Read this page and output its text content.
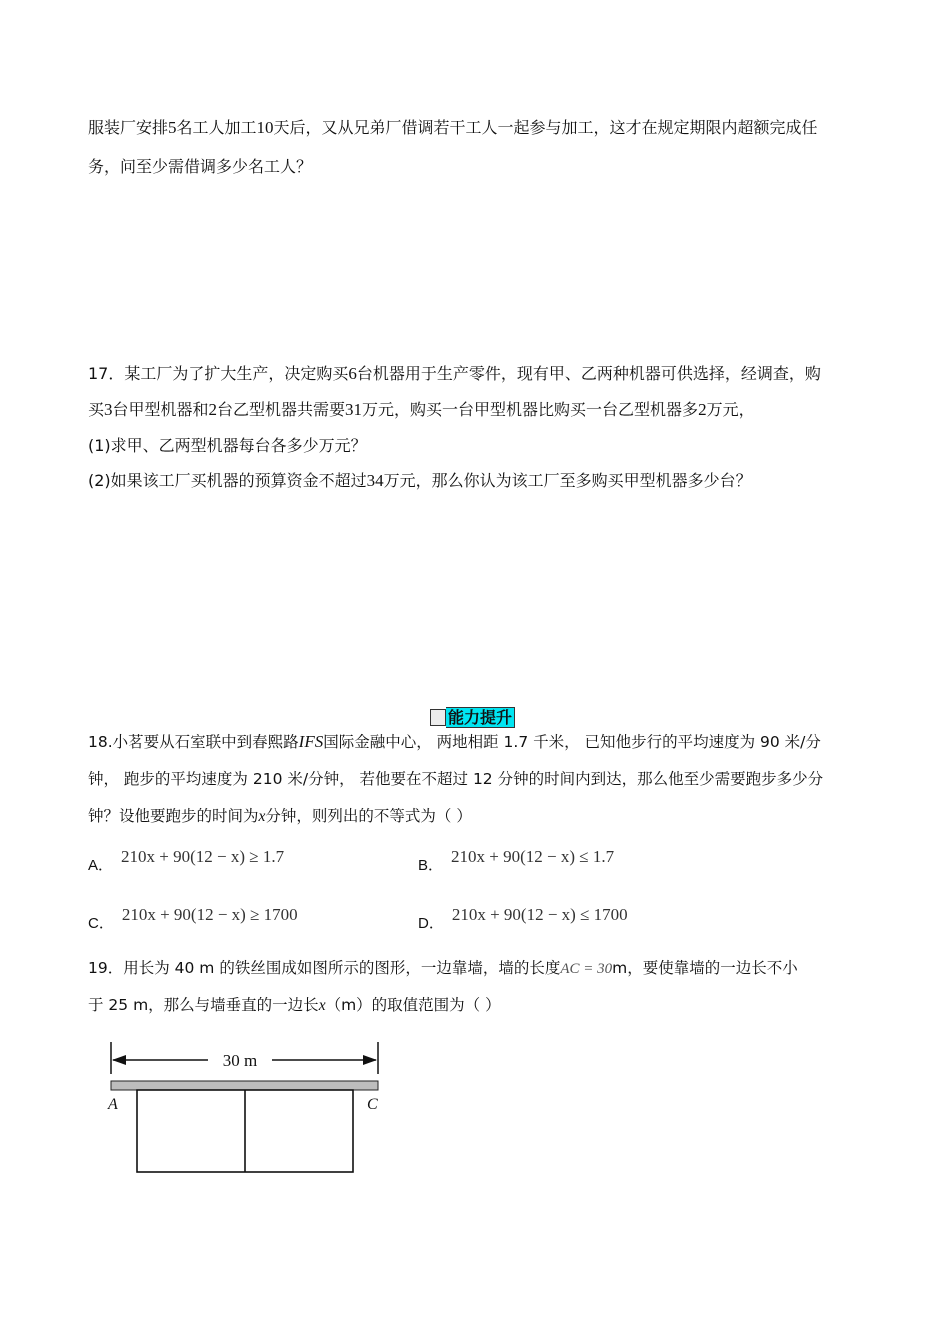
服装厂安排5名工人加工10天后，又从兄弟厂借调若干工人一起参与加工，这才在规定期限内超额完成任
务，问至少需借调多少名工人？
17．某工厂为了扩大生产，决定购买6台机器用于生产零件，现有甲、乙两种机器可供选择，经调查，购
买3台甲型机器和2台乙型机器共需要31万元，购买一台甲型机器比购买一台乙型机器多2万元，
(1)求甲、乙两型机器每台各多少万元？
(2)如果该工厂买机器的预算资金不超过34万元，那么你认为该工厂至多购买甲型机器多少台？
能力提升
18.小茗要从石室联中到春熙路IFS国际金融中心， 两地相距 1.7 千米， 已知他步行的平均速度为 90 米/分
钟， 跑步的平均速度为 210 米/分钟， 若他要在不超过 12 分钟的时间内到达，那么他至少需要跑步多少分
钟？设他要跑步的时间为x分钟，则列出的不等式为（ ）
A． 210x + 90(12 − x) ≥ 1.7	B． 210x + 90(12 − x) ≤ 1.7
C． 210x + 90(12 − x) ≥ 1700	D． 210x + 90(12 − x) ≤ 1700
19．用长为 40 m 的铁丝围成如图所示的图形，一边靠墙，墙的长度AC = 30m，要使靠墙的一边长不小
于 25 m，那么与墙垂直的一边长x（m）的取值范围为（ ）
30 m
A	C
